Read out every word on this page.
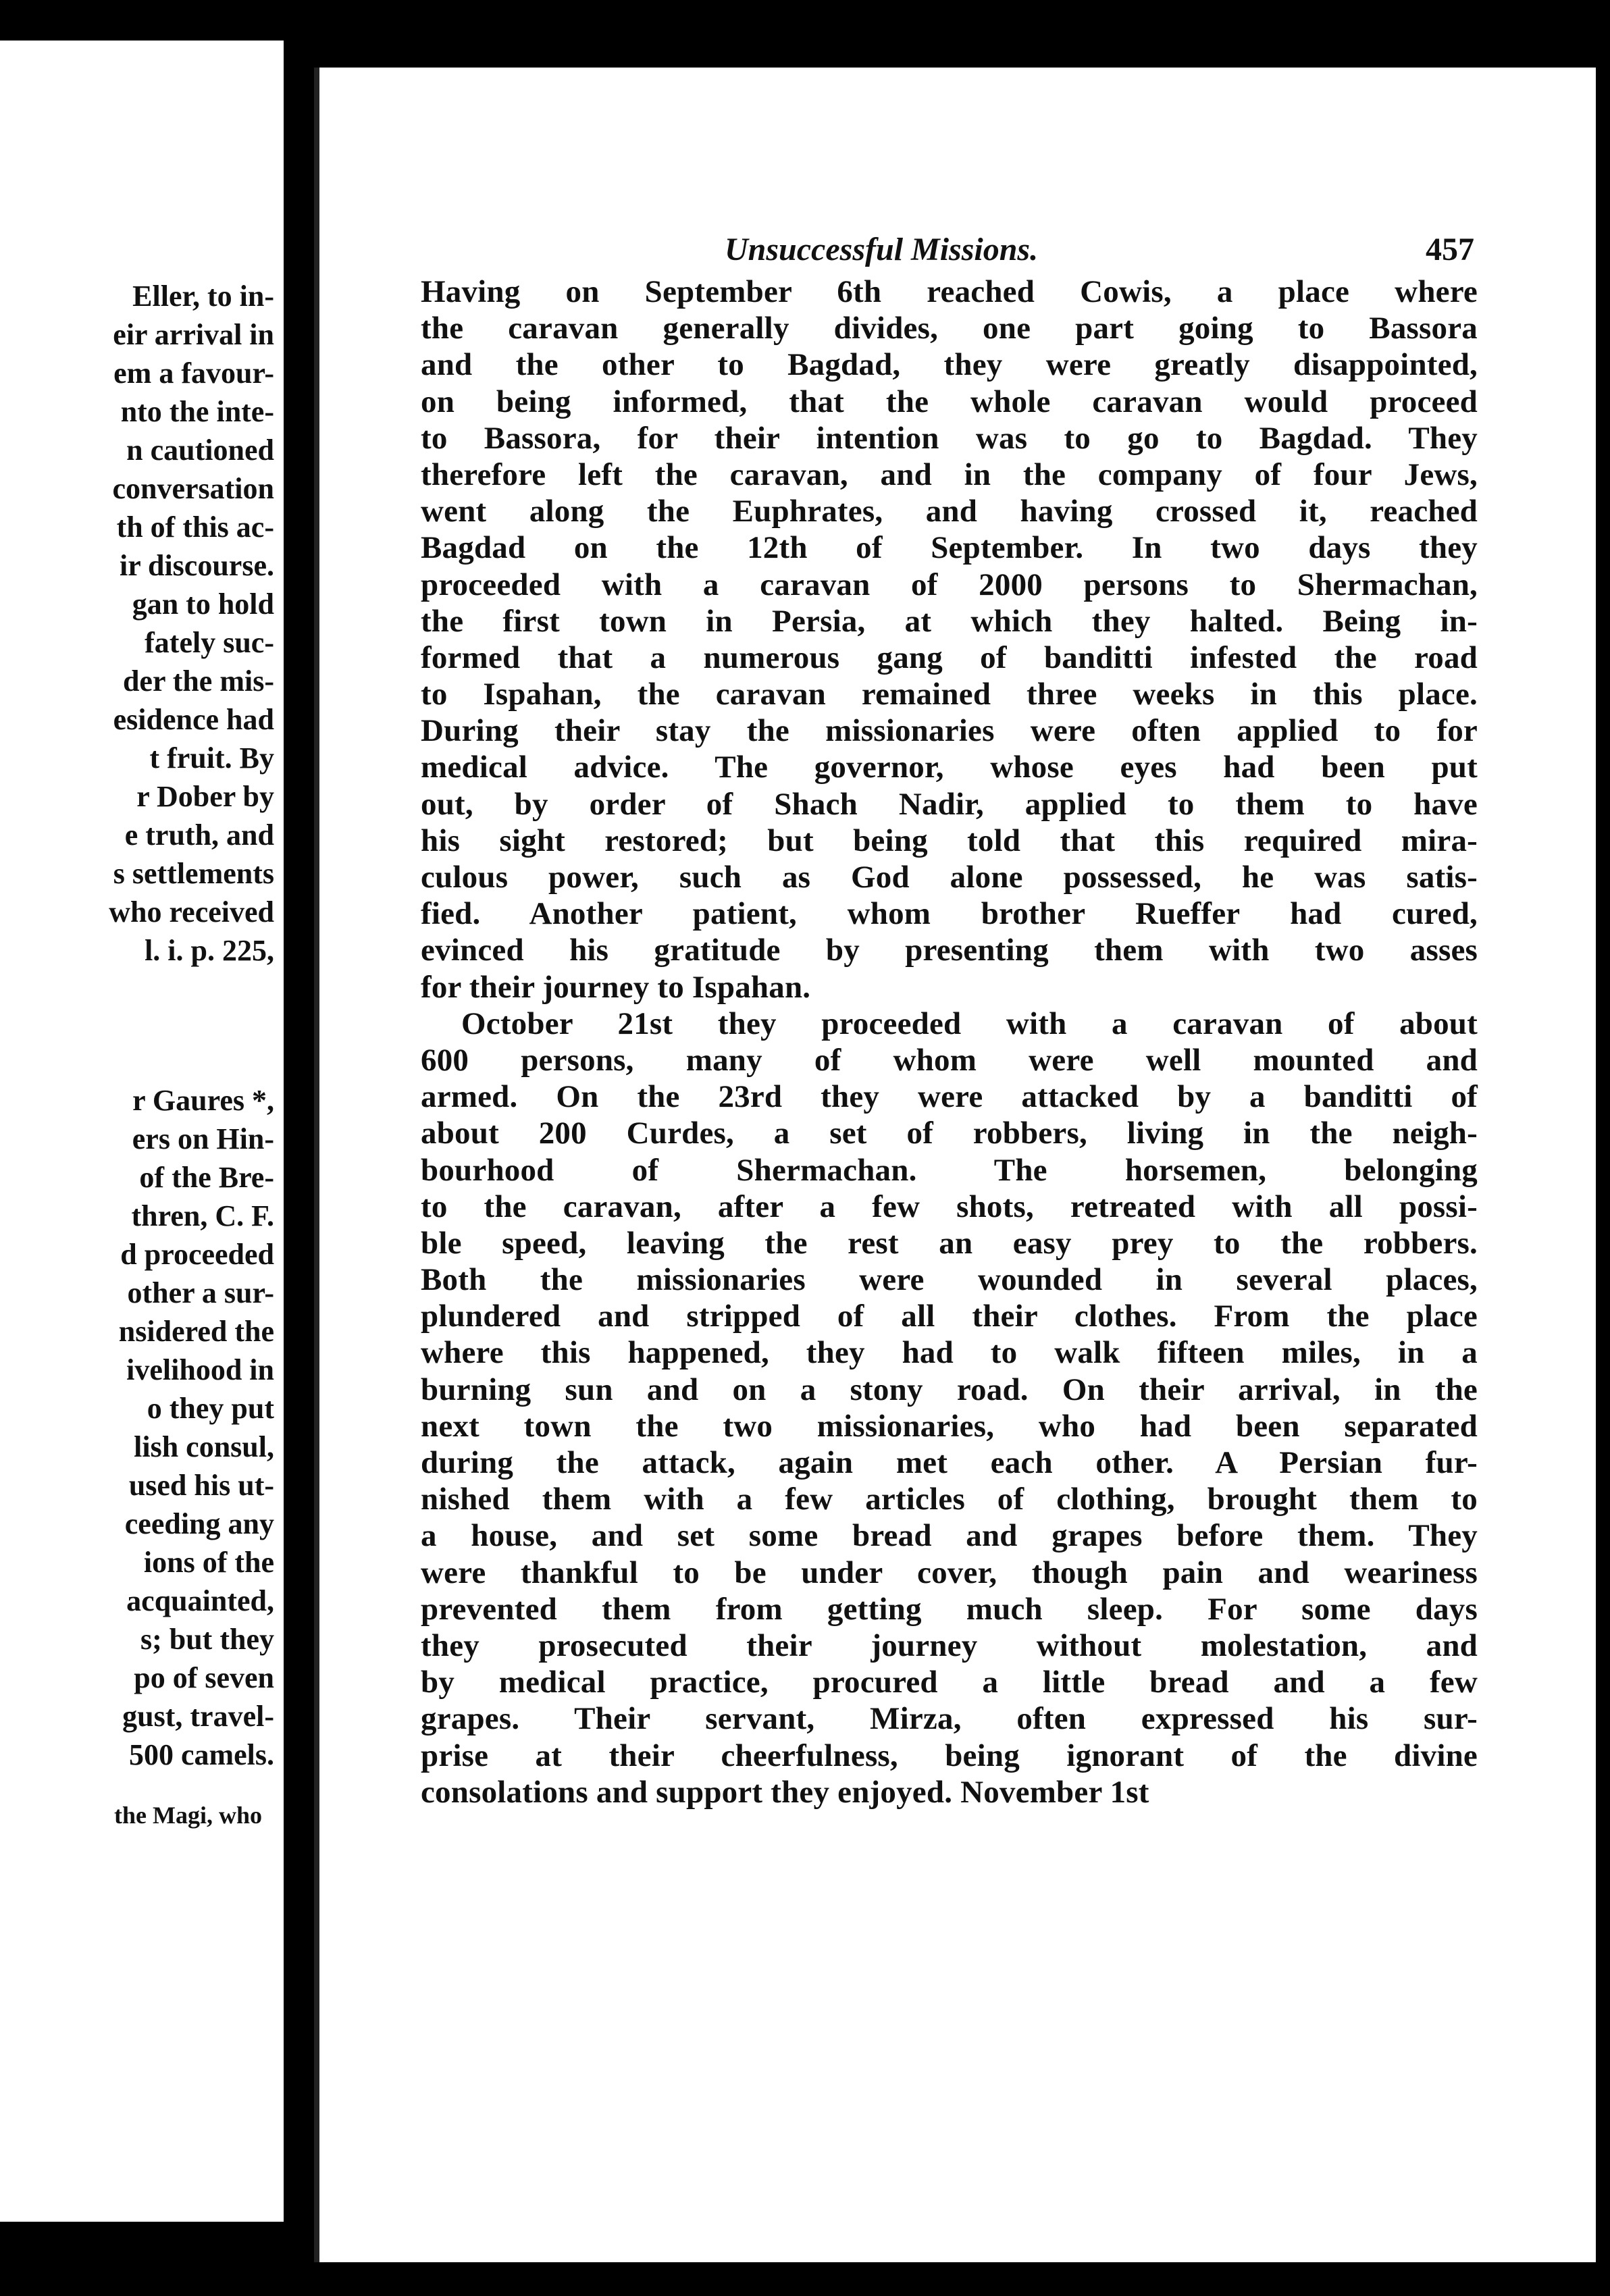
Eller, to in-
eir arrival in
em a favour-
nto the inte-
n cautioned
conversation
th of this ac-
ir discourse.
gan to hold
fately suc-
der the mis-
esidence had
t fruit. By
r Dober by
e truth, and
s settlements
who received
l. i. p. 225,
r Gaures *,
ers on Hin-
of the Bre-
thren, C. F.
d proceeded
other a sur-
nsidered the
ivelihood in
o they put
lish consul,
used his ut-
ceeding any
ions of the
acquainted,
s; but they
po of seven
gust, travel-
500 camels.
the Magi, who
Unsuccessful Missions.	457
Having on September 6th reached Cowis, a place where
the caravan generally divides, one part going to Bassora
and the other to Bagdad, they were greatly disappointed,
on being informed, that the whole caravan would proceed
to Bassora, for their intention was to go to Bagdad. They
therefore left the caravan, and in the company of four Jews,
went along the Euphrates, and having crossed it, reached
Bagdad on the 12th of September. In two days they
proceeded with a caravan of 2000 persons to Shermachan,
the first town in Persia, at which they halted. Being in-
formed that a numerous gang of banditti infested the road
to Ispahan, the caravan remained three weeks in this place.
During their stay the missionaries were often applied to for
medical advice. The governor, whose eyes had been put
out, by order of Shach Nadir, applied to them to have
his sight restored; but being told that this required mira-
culous power, such as God alone possessed, he was satis-
fied. Another patient, whom brother Rueffer had cured,
evinced his gratitude by presenting them with two asses
for their journey to Ispahan.
October 21st they proceeded with a caravan of about
600 persons, many of whom were well mounted and
armed. On the 23rd they were attacked by a banditti of
about 200 Curdes, a set of robbers, living in the neigh-
bourhood of Shermachan. The horsemen, belonging
to the caravan, after a few shots, retreated with all possi-
ble speed, leaving the rest an easy prey to the robbers.
Both the missionaries were wounded in several places,
plundered and stripped of all their clothes. From the place
where this happened, they had to walk fifteen miles, in a
burning sun and on a stony road. On their arrival, in the
next town the two missionaries, who had been separated
during the attack, again met each other. A Persian fur-
nished them with a few articles of clothing, brought them to
a house, and set some bread and grapes before them. They
were thankful to be under cover, though pain and weariness
prevented them from getting much sleep. For some days
they prosecuted their journey without molestation, and
by medical practice, procured a little bread and a few
grapes. Their servant, Mirza, often expressed his sur-
prise at their cheerfulness, being ignorant of the divine
consolations and support they enjoyed. November 1st
